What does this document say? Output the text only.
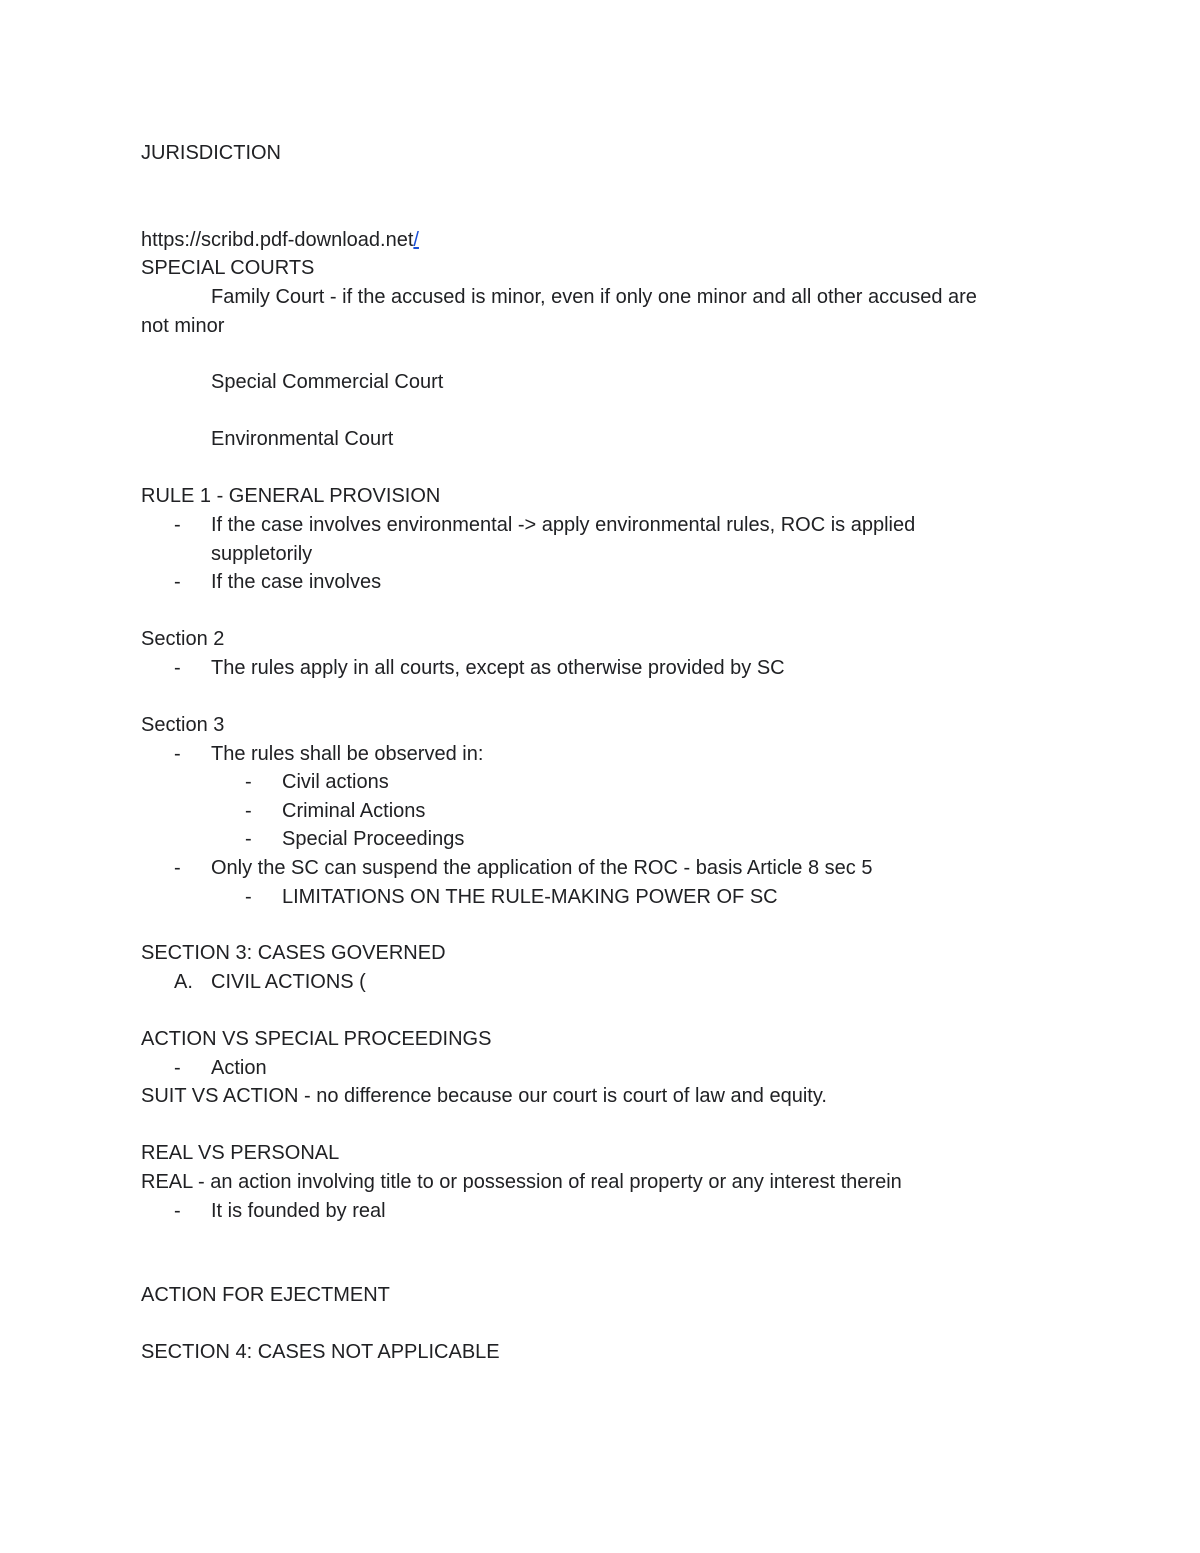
JURISDICTION
https://scribd.pdf-download.net/
SPECIAL COURTS
Family Court - if the accused is minor, even if only one minor and all other accused are
not minor
Special Commercial Court
Environmental Court
RULE 1 - GENERAL PROVISION
- If the case involves environmental -> apply environmental rules, ROC is applied
suppletorily
- If the case involves
Section 2
- The rules apply in all courts, except as otherwise provided by SC
Section 3
- The rules shall be observed in:
- Civil actions
- Criminal Actions
- Special Proceedings
- Only the SC can suspend the application of the ROC - basis Article 8 sec 5
- LIMITATIONS ON THE RULE-MAKING POWER OF SC
SECTION 3: CASES GOVERNED
A. CIVIL ACTIONS (
ACTION VS SPECIAL PROCEEDINGS
- Action
SUIT VS ACTION - no difference because our court is court of law and equity.
REAL VS PERSONAL
REAL - an action involving title to or possession of real property or any interest therein
- It is founded by real
ACTION FOR EJECTMENT
SECTION 4: CASES NOT APPLICABLE
